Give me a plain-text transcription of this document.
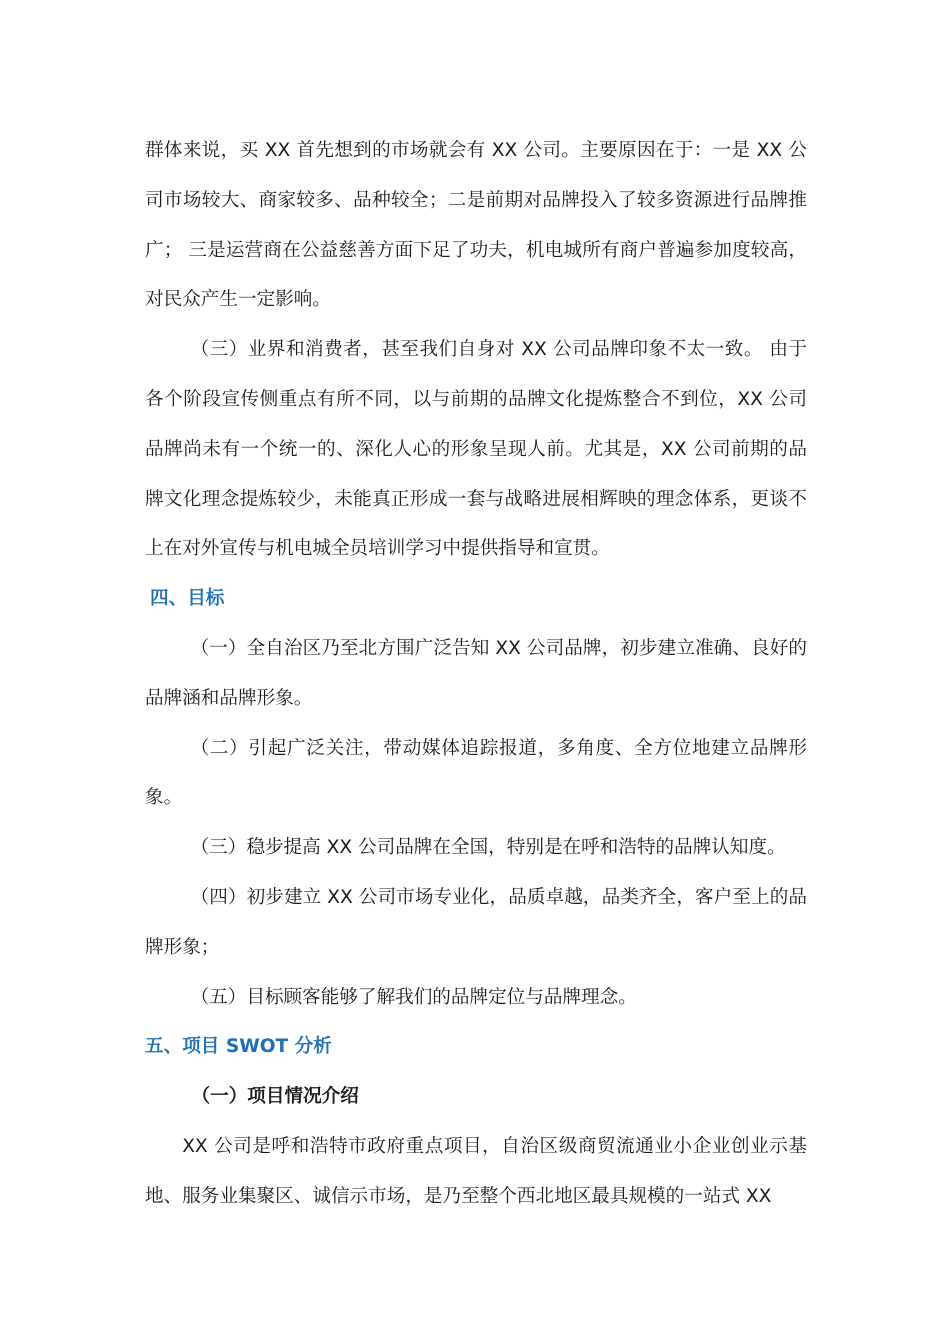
群体来说，买 XX 首先想到的市场就会有 XX 公司。主要原因在于：一是 XX 公司市场较大、商家较多、品种较全；二是前期对品牌投入了较多资源进行品牌推广； 三是运营商在公益慈善方面下足了功夫，机电城所有商户普遍参加度较高，对民众产生一定影响。

（三）业界和消费者，甚至我们自身对 XX 公司品牌印象不太一致。 由于各个阶段宣传侧重点有所不同，以与前期的品牌文化提炼整合不到位，XX 公司品牌尚未有一个统一的、深化人心的形象呈现人前。尤其是，XX 公司前期的品牌文化理念提炼较少，未能真正形成一套与战略进展相辉映的理念体系，更谈不上在对外宣传与机电城全员培训学习中提供指导和宣贯。

四、目标

（一）全自治区乃至北方围广泛告知 XX 公司品牌，初步建立准确、良好的品牌涵和品牌形象。

（二）引起广泛关注，带动媒体追踪报道，多角度、全方位地建立品牌形象。

（三）稳步提高 XX 公司品牌在全国，特别是在呼和浩特的品牌认知度。

（四）初步建立 XX 公司市场专业化，品质卓越，品类齐全，客户至上的品牌形象；

（五）目标顾客能够了解我们的品牌定位与品牌理念。

五、项目 SWOT 分析
（一）项目情况介绍

XX 公司是呼和浩特市政府重点项目，自治区级商贸流通业小企业创业示基地、服务业集聚区、诚信示市场，是乃至整个西北地区最具规模的一站式 XX
